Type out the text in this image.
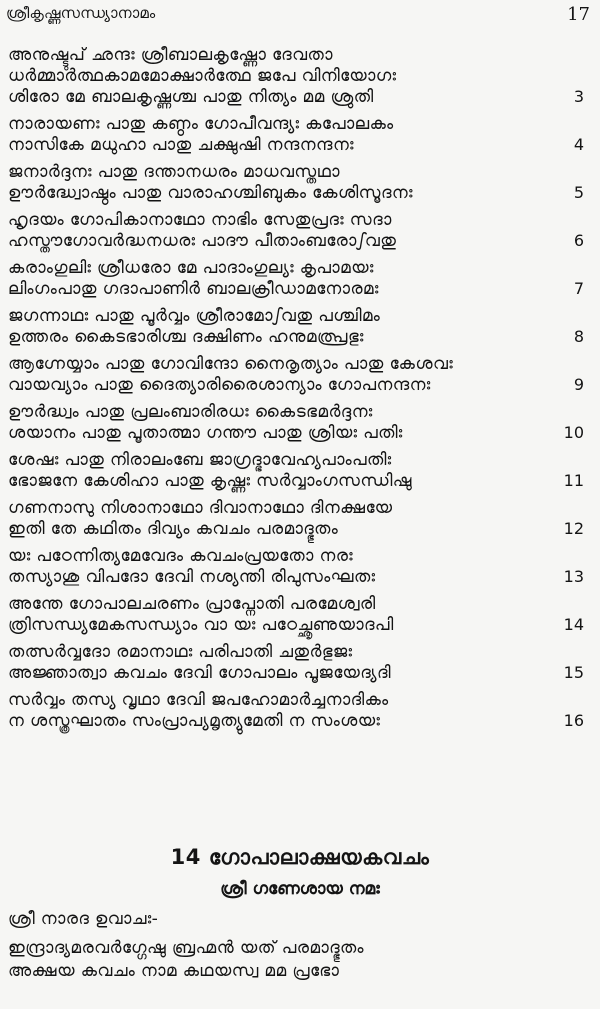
ശ്രീകൃഷ്ണസന്ധ്യാനാമം	17
അനുഷ്ടുപ് ഛന്ദഃ ശ്രീബാലകൃഷ്ണോ ദേവതാ
ധർമ്മാർത്ഥകാമമോക്ഷാർത്ഥേ ജപേ വിനിയോഗഃ
ശിരോ മേ ബാലകൃഷ്ണശ്ച പാതു നിത്യം മമ ശ്രുതി	3
നാരായണഃ പാതു കണ്ഠം ഗോപീവന്ദ്യഃ കപോലകം
നാസികേ മധുഹാ പാതു ചക്ഷുഷി നന്ദനന്ദനഃ	4
ജനാർദ്ദനഃ പാതു ദന്താനധരം മാധവസ്തഥാ
ഊർദ്ധ്വോഷ്ഠം പാതു വാരാഹശ്ചിബുകം കേശിസൂദനഃ	5
ഹൃദയം ഗോപികാനാഥോ നാഭിം സേതുപ്രദഃ സദാ
ഹസ്തൗഗോവർദ്ധനധരഃ പാദൗ പീതാംബരോഽവതു	6
കരാംഗുലിഃ ശ്രീധരോ മേ പാദാംഗുല്യഃ കൃപാമയഃ
ലിംഗംപാതു ഗദാപാണിർ ബാലക്രീഡാമനോരമഃ	7
ജഗന്നാഥഃ പാതു പൂർവ്വം ശ്രീരാമോഽവതു പശ്ചിമം
ഉത്തരം കൈടഭാരിശ്ച ദക്ഷിണം ഹനുമത്പ്രഭുഃ	8
ആഗ്നേയ്യാം പാതു ഗോവിന്ദോ നൈരൃത്യാം പാതു കേശവഃ
വായവ്യാം പാതു ദൈത്യാരിരൈശാന്യാം ഗോപനന്ദനഃ	9
ഊർദ്ധ്വം പാതു പ്രലംബാരിരധഃ കൈടഭമർദ്ദനഃ
ശയാനം പാതു പൂതാത്മാ ഗന്തൗ പാതു ശ്രിയഃ പതിഃ	10
ശേഷഃ പാതു നിരാലംബേ ജാഗ്രദ്ഭാവേഹ്യപാംപതിഃ
ഭോജനേ കേശിഹാ പാതു കൃഷ്ണഃ സർവ്വാംഗസന്ധിഷു	11
ഗണനാസു നിശാനാഥോ ദിവാനാഥോ ദിനക്ഷയേ
ഇതി തേ കഥിതം ദിവ്യം കവചം പരമാദ്ഭുതം	12
യഃ പഠേന്നിത്യമേവേദം കവചംപ്രയതോ നരഃ
തസ്യാശു വിപദോ ദേവി നശ്യന്തി രിപുസംഘതഃ	13
അന്തേ ഗോപാലചരണം പ്രാപ്നോതി പരമേശ്വരി
ത്രിസന്ധ്യമേകസന്ധ്യാം വാ യഃ പഠേച്ഛൃണുയാദപി	14
തത്സർവ്വദോ രമാനാഥഃ പരിപാതി ചതുർഭുജഃ
അജ്ഞാത്വാ കവചം ദേവി ഗോപാലം പൂജയേദ്യദി	15
സർവ്വം തസ്യ വൃഥാ ദേവി ജപഹോമാർച്ചനാദികം
ന ശസ്ത്രഘാതം സംപ്രാപ്യമൃത്യുമേതി ന സംശയഃ	16
14 ഗോപാലാക്ഷയകവചം
ശ്രീ ഗണേശായ നമഃ
ശ്രീ നാരദ ഉവാചഃ-
ഇന്ദ്രാദ്യമരവർഗ്ഗേഷു ബ്രഹ്മൻ യത് പരമാദ്ഭുതം
അക്ഷയ കവചം നാമ കഥയസ്വ മമ പ്രഭോ
